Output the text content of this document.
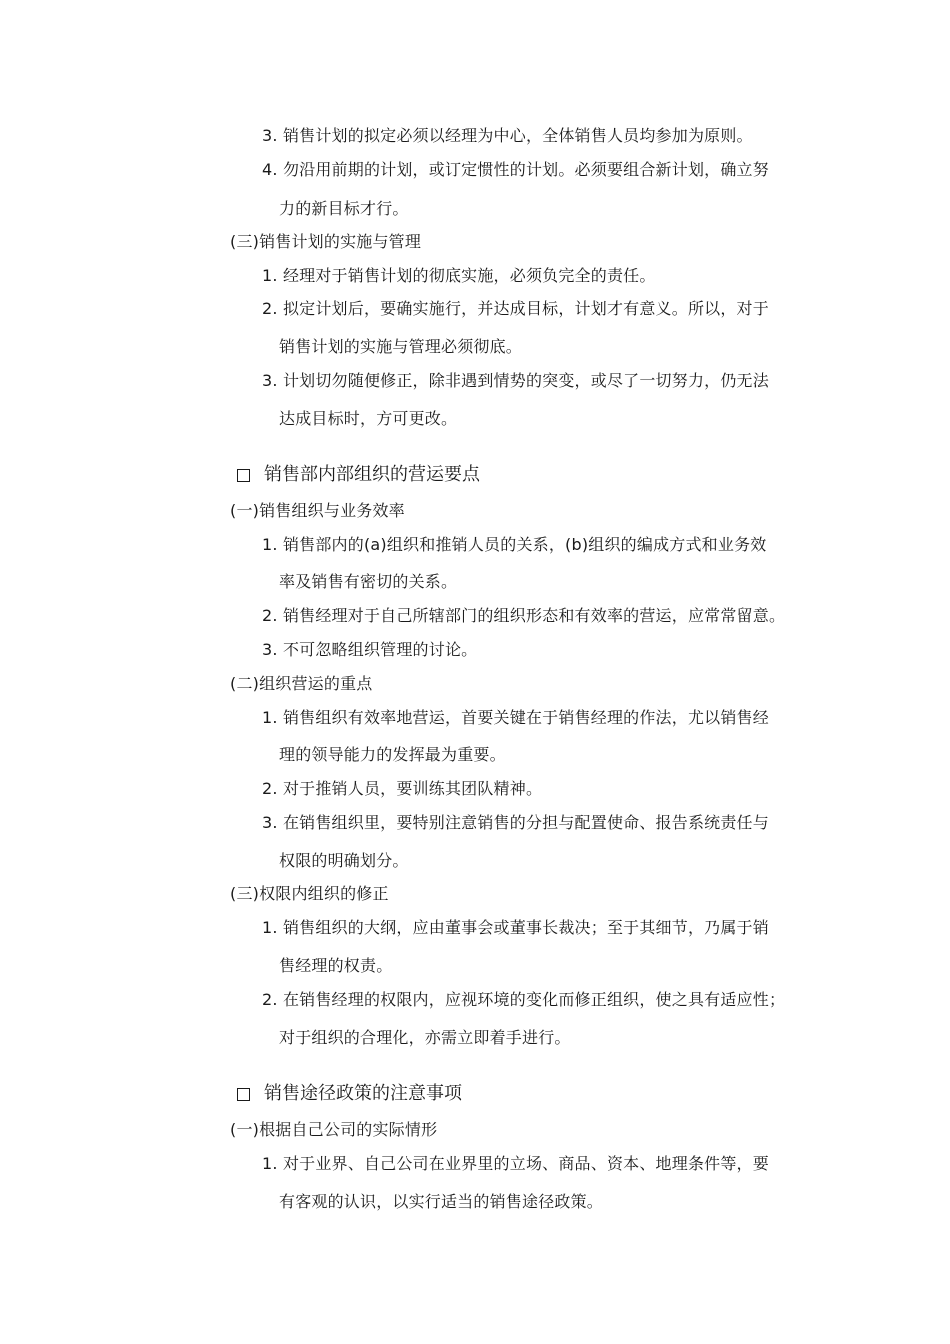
3. 销售计划的拟定必须以经理为中心，全体销售人员均参加为原则。
4. 勿沿用前期的计划，或订定惯性的计划。必须要组合新计划，确立努
力的新目标才行。
(三)销售计划的实施与管理
1. 经理对于销售计划的彻底实施，必须负完全的责任。
2. 拟定计划后，要确实施行，并达成目标，计划才有意义。所以，对于
销售计划的实施与管理必须彻底。
3. 计划切勿随便修正，除非遇到情势的突变，或尽了一切努力，仍无法
达成目标时，方可更改。
销售部内部组织的营运要点
(一)销售组织与业务效率
1. 销售部内的(a)组织和推销人员的关系，(b)组织的编成方式和业务效
率及销售有密切的关系。
2. 销售经理对于自己所辖部门的组织形态和有效率的营运，应常常留意。
3. 不可忽略组织管理的讨论。
(二)组织营运的重点
1. 销售组织有效率地营运，首要关键在于销售经理的作法，尤以销售经
理的领导能力的发挥最为重要。
2. 对于推销人员，要训练其团队精神。
3. 在销售组织里，要特别注意销售的分担与配置使命、报告系统责任与
权限的明确划分。
(三)权限内组织的修正
1. 销售组织的大纲，应由董事会或董事长裁决；至于其细节，乃属于销
售经理的权责。
2. 在销售经理的权限内，应视环境的变化而修正组织，使之具有适应性；
对于组织的合理化，亦需立即着手进行。
销售途径政策的注意事项
(一)根据自己公司的实际情形
1. 对于业界、自己公司在业界里的立场、商品、资本、地理条件等，要
有客观的认识，以实行适当的销售途径政策。
